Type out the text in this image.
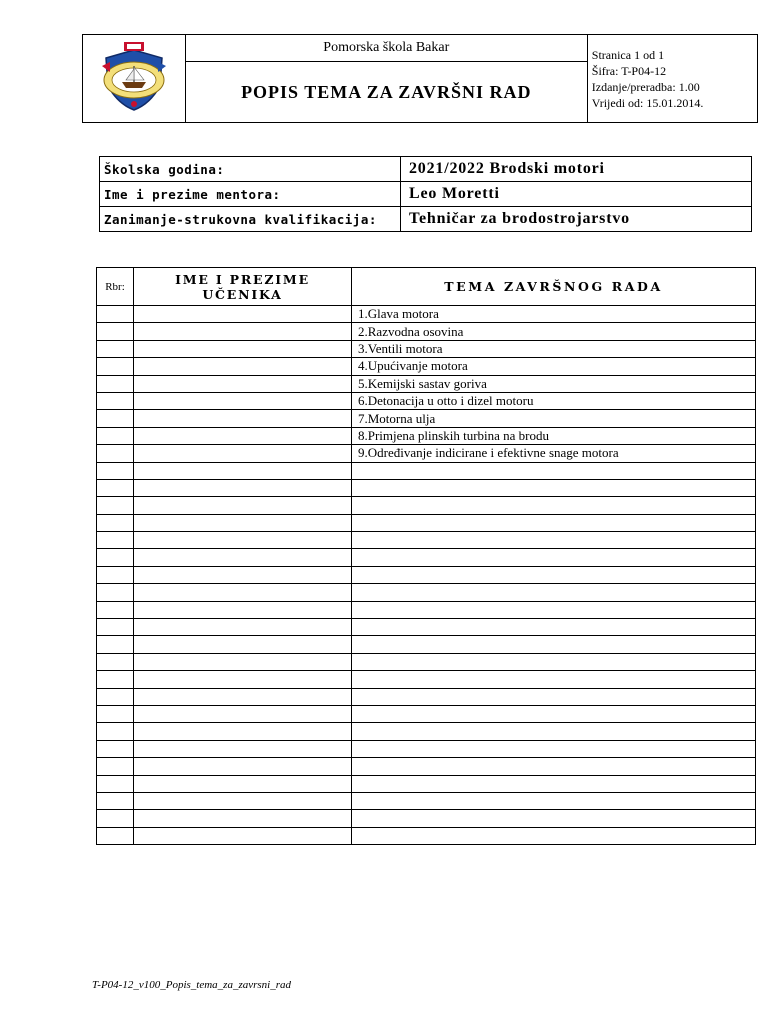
	Pomorska škola Bakar	Stranica 1 od 1
Šifra: T-P04-12
Izdanje/preradba: 1.00
Vrijedi od: 15.01.2014.

POPIS TEMA ZA ZAVRŠNI RAD
Školska godina:	2021/2022 Brodski motori
Ime i prezime mentora:	Leo Moretti
Zanimanje-strukovna kvalifikacija:	Tehničar za brodostrojarstvo
Rbr:	IME I PREZIME UČENIKA	TEMA ZAVRŠNOG RADA
		1.Glava motora
		2.Razvodna osovina
		3.Ventili motora
		4.Upućivanje motora
		5.Kemijski sastav goriva
		6.Detonacija u otto i dizel motoru
		7.Motorna ulja
		8.Primjena plinskih turbina na brodu
		9.Određivanje indicirane i efektivne snage motora

T-P04-12_v100_Popis_tema_za_zavrsni_rad
